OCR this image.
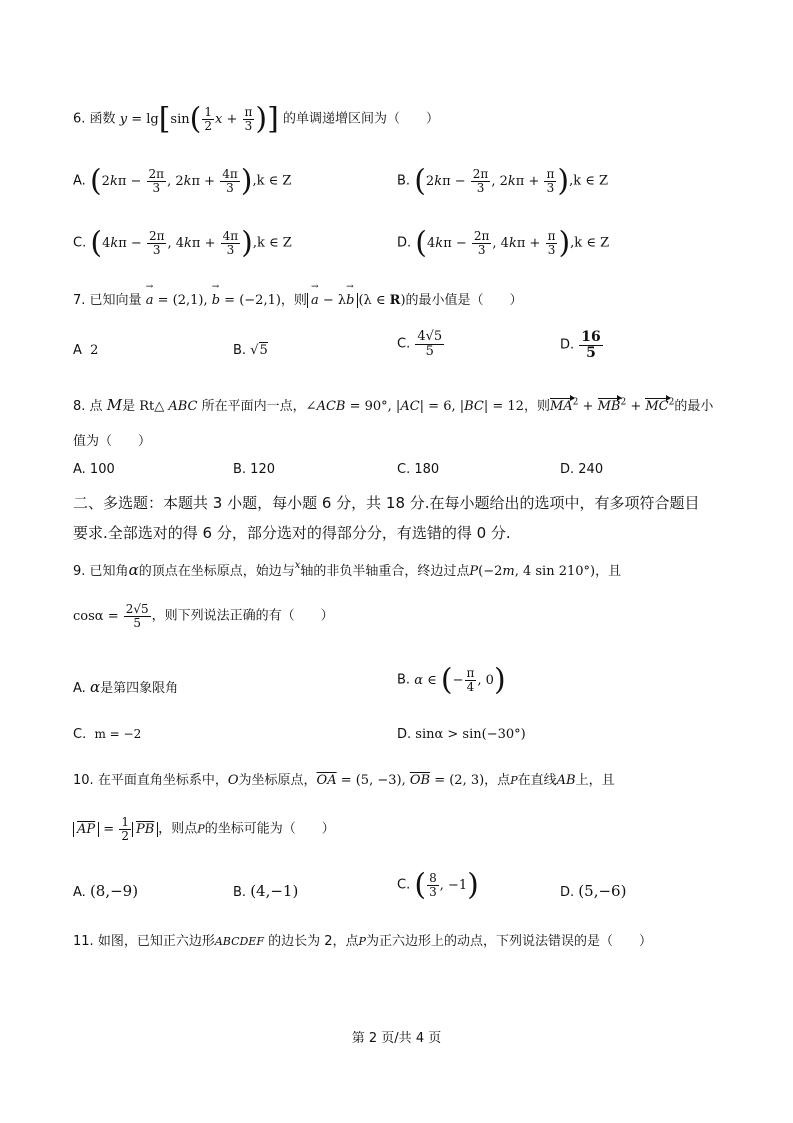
6. 函数 $y = \lg[\sin( \frac{1}{2}$ $x + \frac{\pi}{3}$ )] 的单调递增区间为（　　）
A. ($2k\pi - \frac{2\pi}{3}$ , $2k\pi + \frac{4\pi}{3} ),k$ ∈ Z	B. ($2k\pi - \frac{2\pi}{3}$ , $2k\pi + \frac{\pi}{3} ),k$ ∈ Z
C. ($4k\pi - \frac{2\pi}{3}$ , $4k\pi + \frac{4\pi}{3} ),k$ ∈ Z	D. ($4k\pi - \frac{2\pi}{3}$ , $4k\pi + \frac{\pi}{3} ),k$ ∈ Z
7. 已知向量 → a = (2,1), → b = (−2,1)，则 → a − λ→ b (λ ∈ R)的最小值是（　　）
A 2	B. √5	C. $\frac{4√5}{5}$	D. $\frac{16}{5}$
8. 点 M是 Rt△ ABC 所在平面内一点，∠ACB = 90°, |AC| = 6, |BC| = 12，则$MA^2 + MB^2 + MC^2$的最小
值为（　　）
A. 100	B. 120	C. 180	D. 240
二、多选题：本题共 3 小题，每小题 6 分，共 18 分.在每小题给出的选项中，有多项符合题目
要求.全部选对的得 6 分，部分选对的得部分分，有选错的得 0 分.
9. 已知角α的顶点在坐标原点，始边与$^x$轴的非负半轴重合，终边过点P(−2m, 4 sin 210°)，且
$\cos\alpha = \frac{2√5}{5}$ ，则下列说法正确的有（　　）
A. α是第四象限角
B. α ∈ (− $\frac{\pi}{4}$ , 0)
C. m = −2	D. sinα > sin(−30°)
10. 在平面直角坐标系中，O为坐标原点，$\overline{OA} = (5$, −3), $\overline{OB} = (2$, 3)，点P在直线AB上，且
$\overline{AP} = \frac{1}{2} \overline{PB}$ ，则点P的坐标可能为（　　）
A. (8,−9)	B. (4,−1)	C. ( $\frac{8}{3}$ , −1)	D. (5,−6)
11. 如图，已知正六边形ABCDEF 的边长为 2，点P为正六边形上的动点，下列说法错误的是（　　）
第 2 页/共 4 页
